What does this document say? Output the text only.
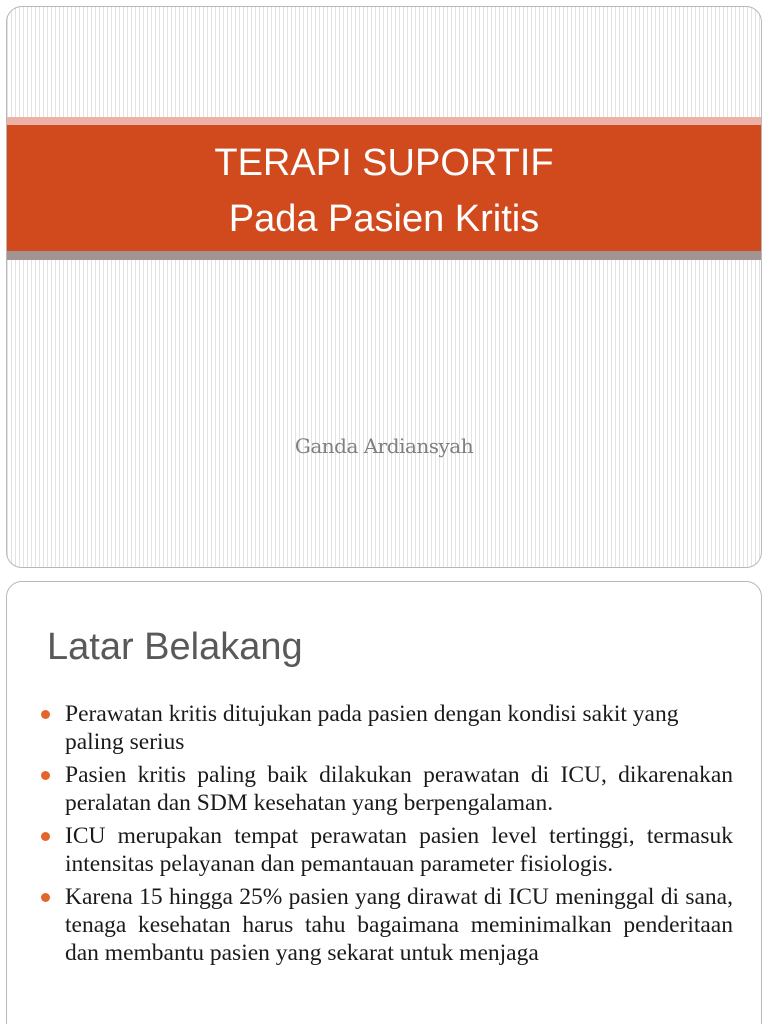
TERAPI SUPORTIF
Pada Pasien Kritis
Ganda Ardiansyah
Latar Belakang
Perawatan kritis ditujukan pada pasien dengan kondisi sakit yang paling serius
Pasien kritis paling baik dilakukan perawatan di ICU, dikarenakan peralatan dan SDM kesehatan yang berpengalaman.
ICU merupakan tempat perawatan pasien level tertinggi, termasuk intensitas pelayanan dan pemantauan parameter fisiologis.
Karena 15 hingga 25% pasien yang dirawat di ICU meninggal di sana, tenaga kesehatan harus tahu bagaimana meminimalkan penderitaan dan membantu pasien yang sekarat untuk menjaga
